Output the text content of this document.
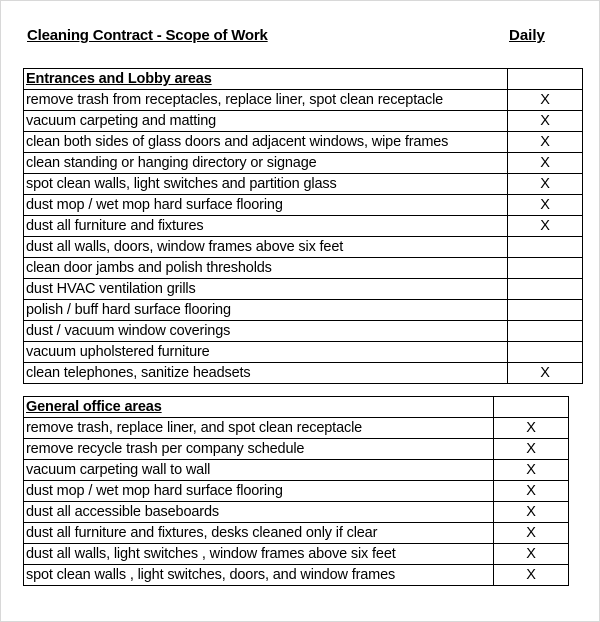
Cleaning Contract - Scope of Work	Daily
Entrances and Lobby areas	
remove trash from receptacles, replace liner, spot clean receptacle	X
vacuum carpeting and matting	X
clean both sides of glass doors and adjacent windows, wipe frames	X
clean standing or hanging directory or signage	X
spot clean walls, light switches and partition glass	X
dust mop / wet mop hard surface flooring	X
dust all furniture and fixtures	X
dust all walls, doors, window frames above six feet	
clean door jambs and polish thresholds	
dust HVAC ventilation grills	
polish / buff hard surface flooring	
dust / vacuum window coverings	
vacuum upholstered furniture	
clean telephones, sanitize headsets	X
General office areas	
remove trash, replace liner, and spot clean receptacle	X
remove recycle trash per company schedule	X
vacuum carpeting wall to wall	X
dust mop / wet mop hard surface flooring	X
dust all accessible baseboards	X
dust all furniture and fixtures, desks cleaned only if clear	X
dust all walls, light switches , window frames above six feet	X
spot clean walls , light switches, doors, and window frames	X
